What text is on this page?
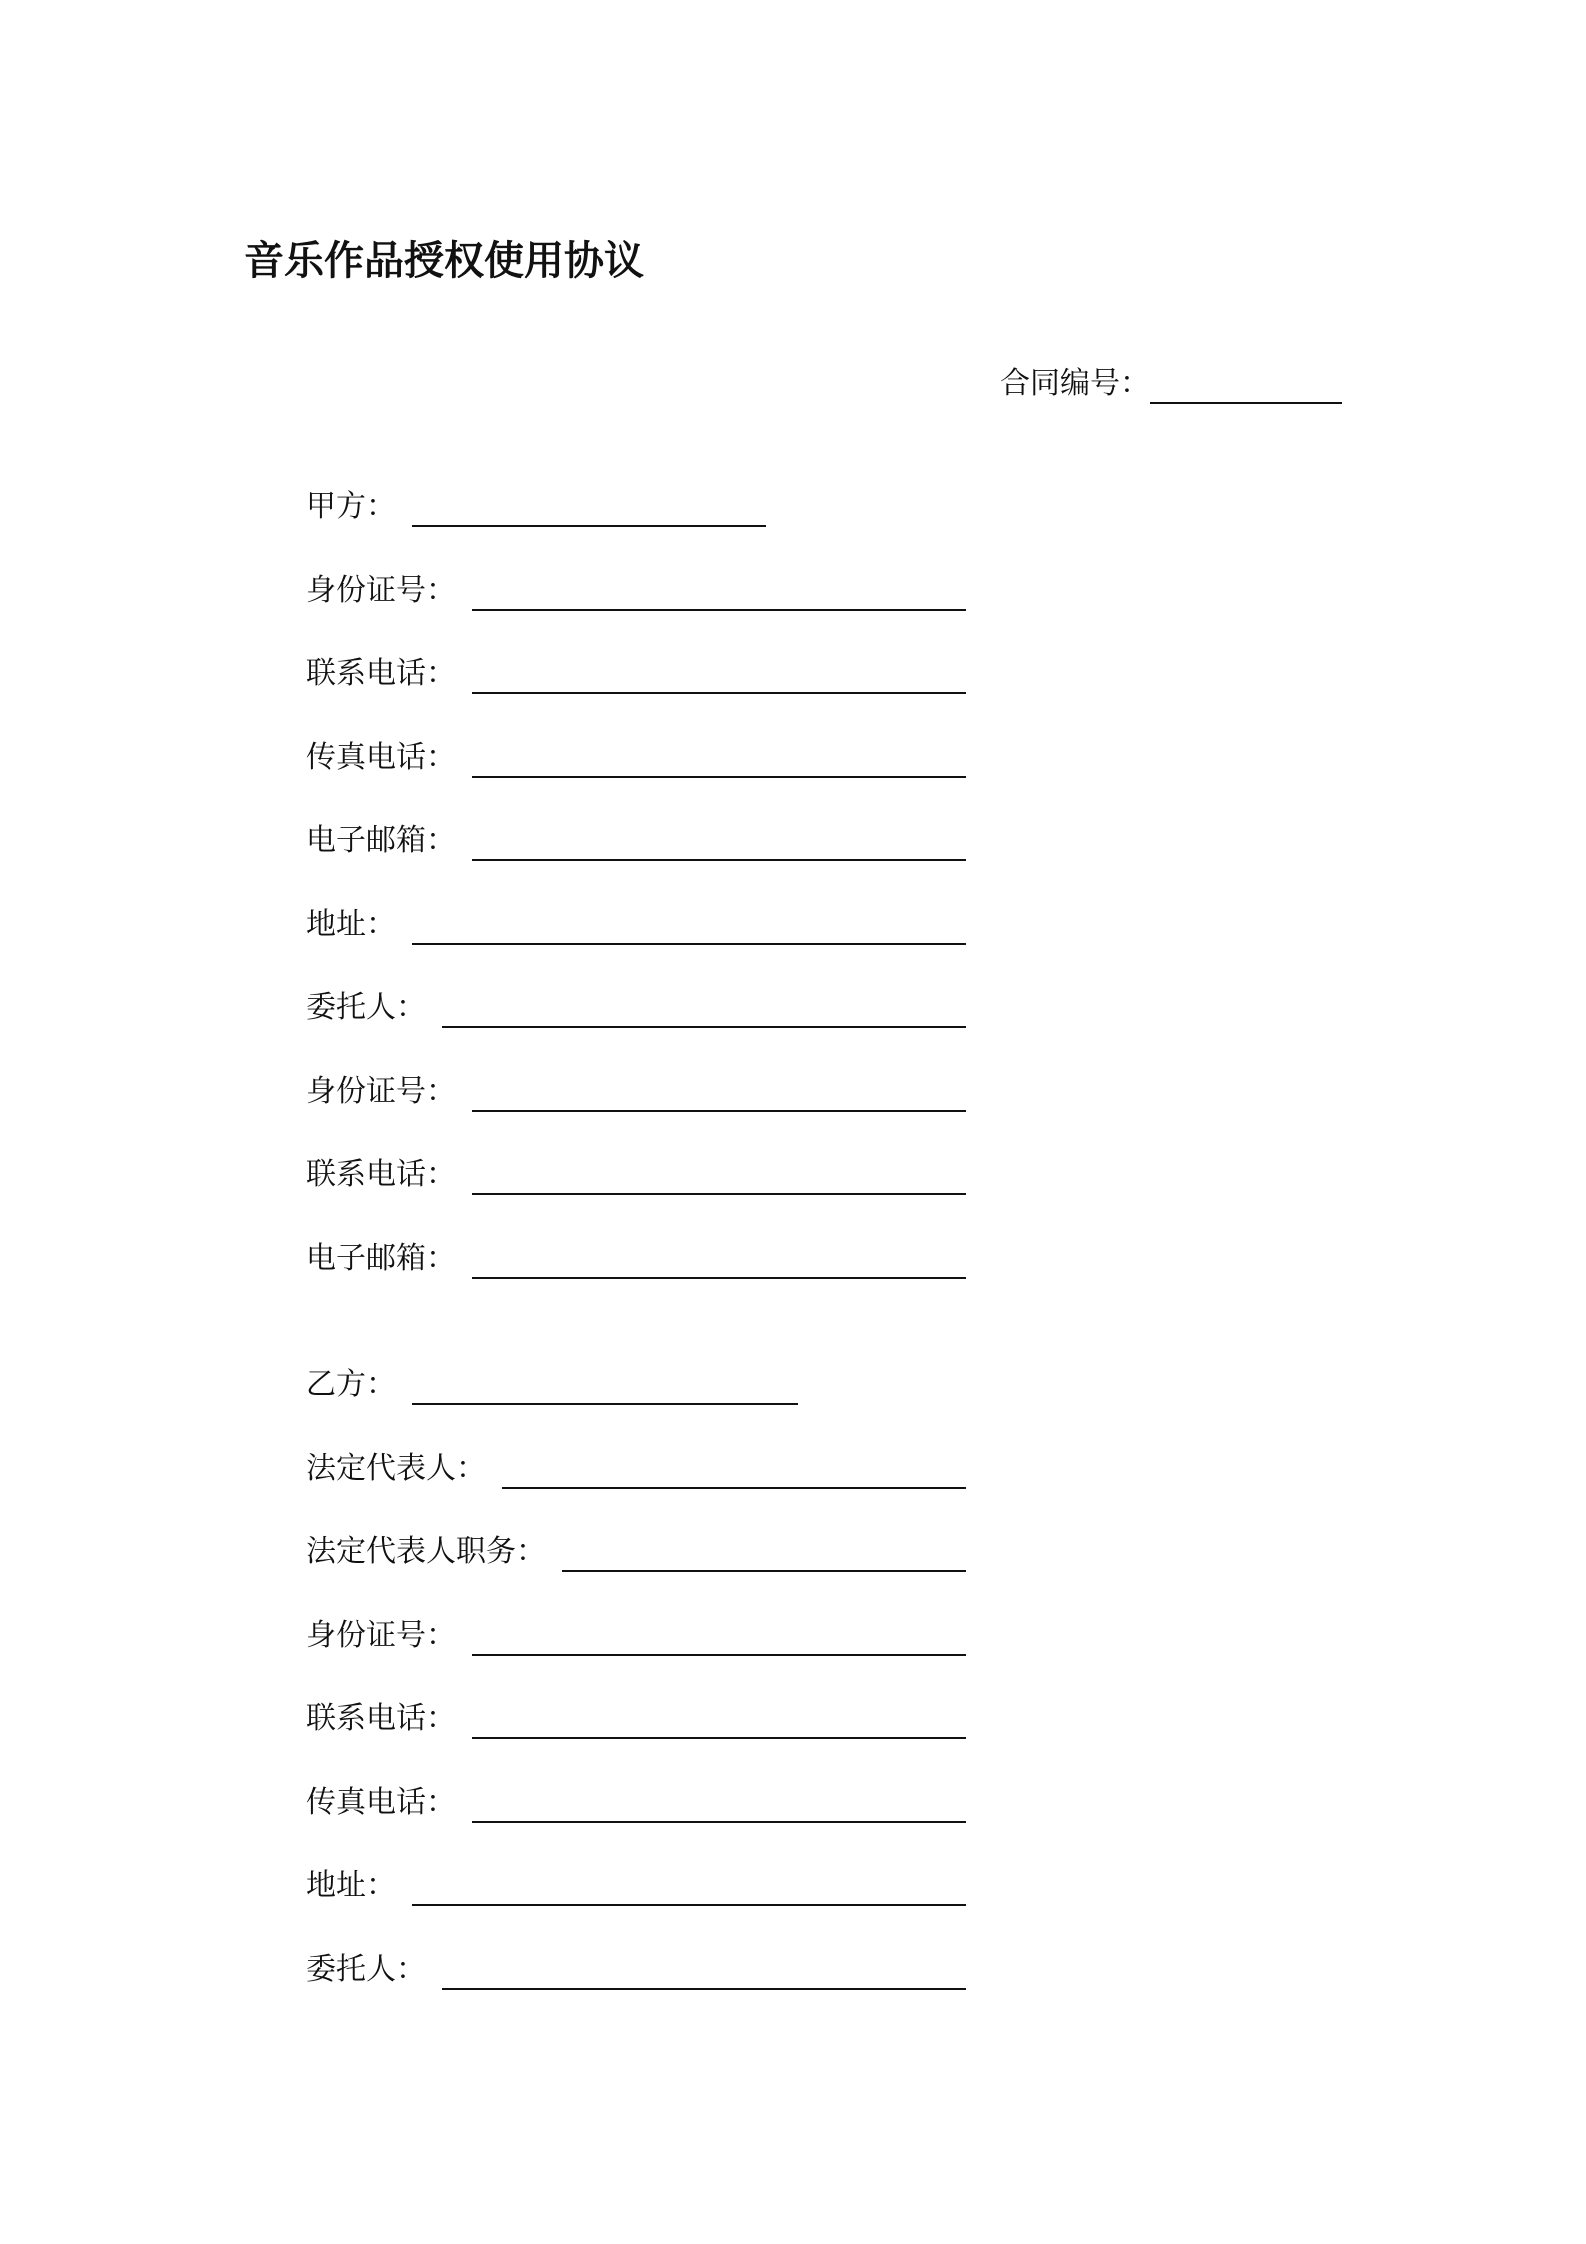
音乐作品授权使用协议
合同编号：
甲方：
身份证号：
联系电话：
传真电话：
电子邮箱：
地址：
委托人：
身份证号：
联系电话：
电子邮箱：
乙方：
法定代表人：
法定代表人职务：
身份证号：
联系电话：
传真电话：
地址：
委托人：
